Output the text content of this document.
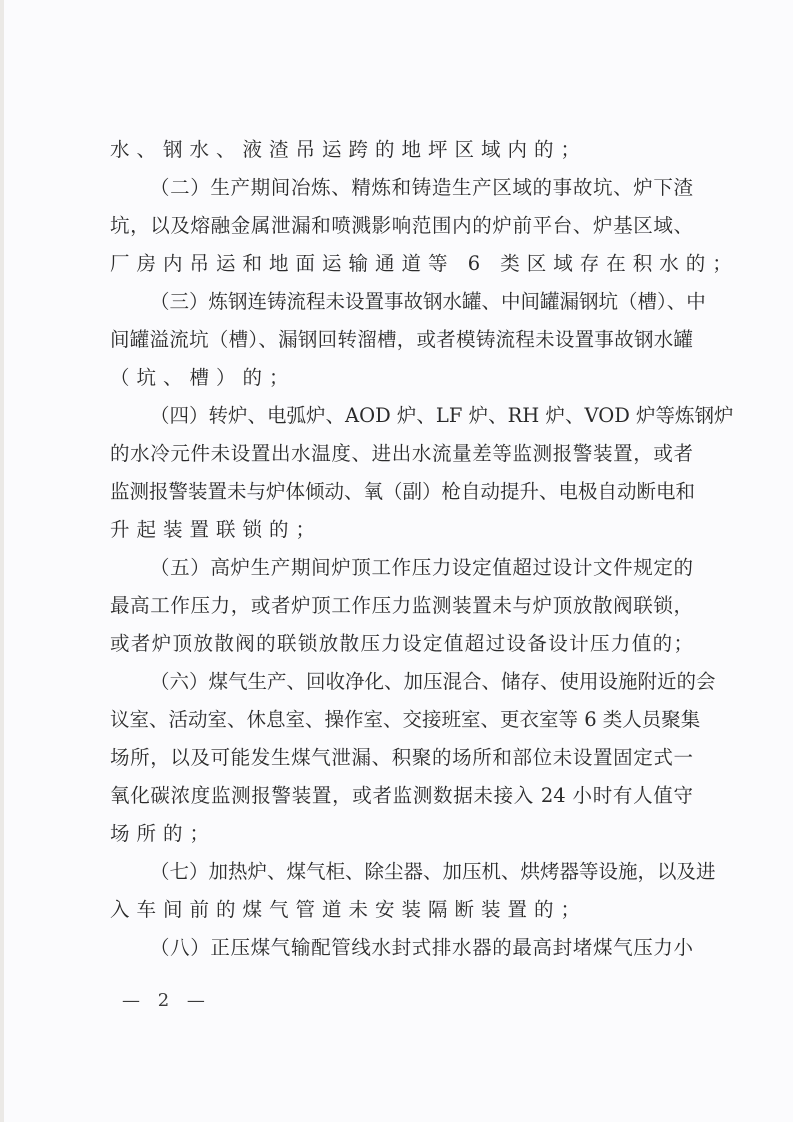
水、钢水、液渣吊运跨的地坪区域内的；
（二）生产期间冶炼、精炼和铸造生产区域的事故坑、炉下渣
坑，以及熔融金属泄漏和喷溅影响范围内的炉前平台、炉基区域、
厂房内吊运和地面运输通道等 6 类区域存在积水的；
（三）炼钢连铸流程未设置事故钢水罐、中间罐漏钢坑（槽）、中
间罐溢流坑（槽）、漏钢回转溜槽，或者模铸流程未设置事故钢水罐
（坑、槽）的；
（四）转炉、电弧炉、AOD 炉、LF 炉、RH 炉、VOD 炉等炼钢炉
的水冷元件未设置出水温度、进出水流量差等监测报警装置，或者
监测报警装置未与炉体倾动、氧（副）枪自动提升、电极自动断电和
升起装置联锁的；
（五）高炉生产期间炉顶工作压力设定值超过设计文件规定的
最高工作压力，或者炉顶工作压力监测装置未与炉顶放散阀联锁，
或者炉顶放散阀的联锁放散压力设定值超过设备设计压力值的；
（六）煤气生产、回收净化、加压混合、储存、使用设施附近的会
议室、活动室、休息室、操作室、交接班室、更衣室等 6 类人员聚集
场所，以及可能发生煤气泄漏、积聚的场所和部位未设置固定式一
氧化碳浓度监测报警装置，或者监测数据未接入 24 小时有人值守
场所的；
（七）加热炉、煤气柜、除尘器、加压机、烘烤器等设施，以及进
入车间前的煤气管道未安装隔断装置的；
（八）正压煤气输配管线水封式排水器的最高封堵煤气压力小
— 2 —
